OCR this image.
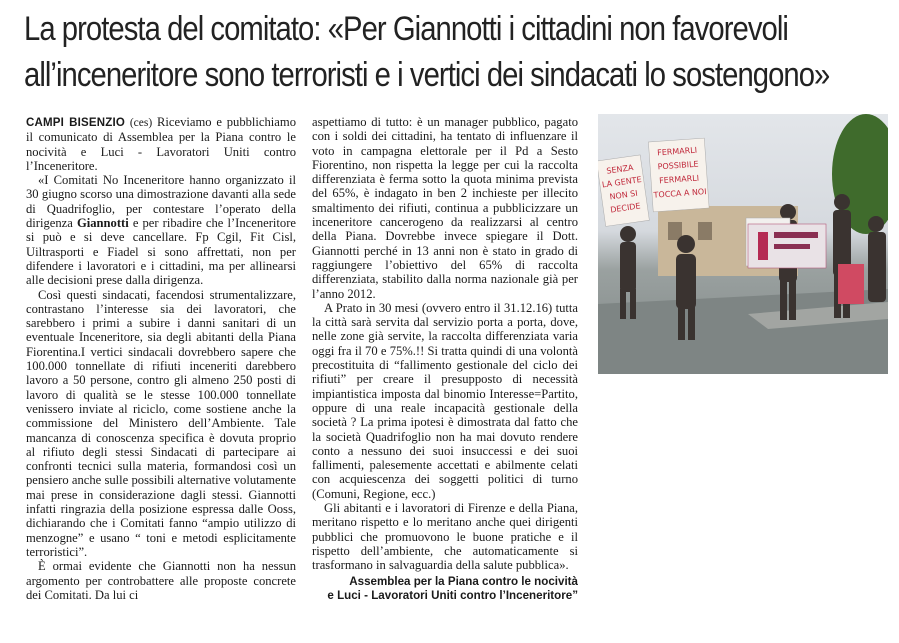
La protesta del comitato: «Per Giannotti i cittadini non favorevoli
all’inceneritore sono terroristi e i vertici dei sindacati lo sostengono»

CAMPI BISENZIO (ces) Riceviamo e pubblichiamo il comunicato di Assemblea per la Piana contro le nocività e Luci - Lavoratori Uniti contro l’Inceneritore.

«I Comitati No Inceneritore hanno organizzato il 30 giugno scorso una dimostrazione davanti alla sede di Quadrifoglio, per contestare l’operato della dirigenza Giannotti e per ribadire che l’Inceneritore si può e si deve cancellare. Fp Cgil, Fit Cisl, Uiltrasporti e Fiadel si sono affrettati, non per difendere i lavoratori e i cittadini, ma per allinearsi alle decisioni prese dalla dirigenza.

Così questi sindacati, facendosi strumentalizzare, contrastano l’interesse sia dei lavoratori, che sarebbero i primi a subire i danni sanitari di un eventuale Inceneritore, sia degli abitanti della Piana Fiorentina.I vertici sindacali dovrebbero sapere che 100.000 tonnellate di rifiuti inceneriti darebbero lavoro a 50 persone, contro gli almeno 250 posti di lavoro di qualità se le stesse 100.000 tonnellate venissero inviate al riciclo, come sostiene anche la commissione del Ministero dell’Ambiente. Tale mancanza di conoscenza specifica è dovuta proprio al rifiuto degli stessi Sindacati di partecipare ai confronti tecnici sulla materia, formandosi così un pensiero anche sulle possibili alternative volutamente mai prese in considerazione dagli stessi. Giannotti infatti ringrazia della posizione espressa dalle Ooss, dichiarando che i Comitati fanno “ampio utilizzo di menzogne” e usano “ toni e metodi esplicitamente terroristici”.

È ormai evidente che Giannotti non ha nessun argomento per controbattere alle proposte concrete dei Comitati. Da lui ci

aspettiamo di tutto: è un manager pubblico, pagato con i soldi dei cittadini, ha tentato di influenzare il voto in campagna elettorale per il Pd a Sesto Fiorentino, non rispetta la legge per cui la raccolta differenziata è ferma sotto la quota minima prevista del 65%, è indagato in ben 2 inchieste per illecito smaltimento dei rifiuti, continua a pubblicizzare un inceneritore cancerogeno da realizzarsi al centro della Piana. Dovrebbe invece spiegare il Dott. Giannotti perché in 13 anni non è stato in grado di raggiungere l’obiettivo del 65% di raccolta differenziata, stabilito dalla norma nazionale già per l’anno 2012.

A Prato in 30 mesi (ovvero entro il 31.12.16) tutta la città sarà servita dal servizio porta a porta, dove, nelle zone già servite, la raccolta differenziata varia oggi fra il 70 e 75%.!! Si tratta quindi di una volontà precostituita di “fallimento gestionale del ciclo dei rifiuti” per creare il presupposto di necessità impiantistica imposta dal binomio Interesse=Partito, oppure di una reale incapacità gestionale della società ? La prima ipotesi è dimostrata dal fatto che la società Quadrifoglio non ha mai dovuto rendere conto a nessuno dei suoi insuccessi e dei suoi fallimenti, palesemente accettati e abilmente celati con acquiescenza dei soggetti politici di turno (Comuni, Regione, ecc.)

Gli abitanti e i lavoratori di Firenze e della Piana, meritano rispetto e lo meritano anche quei dirigenti pubblici che promuovono le buone pratiche e il rispetto dell’ambiente, che automaticamente si trasformano in salvaguardia della salute pubblica».

Assemblea per la Piana contro le nocività
e Luci - Lavoratori Uniti contro l’Inceneritore”
SENZALA GENTENON SIDECIDE
FERMARLIPOSSIBILEFERMARLITOCCA A NOI
